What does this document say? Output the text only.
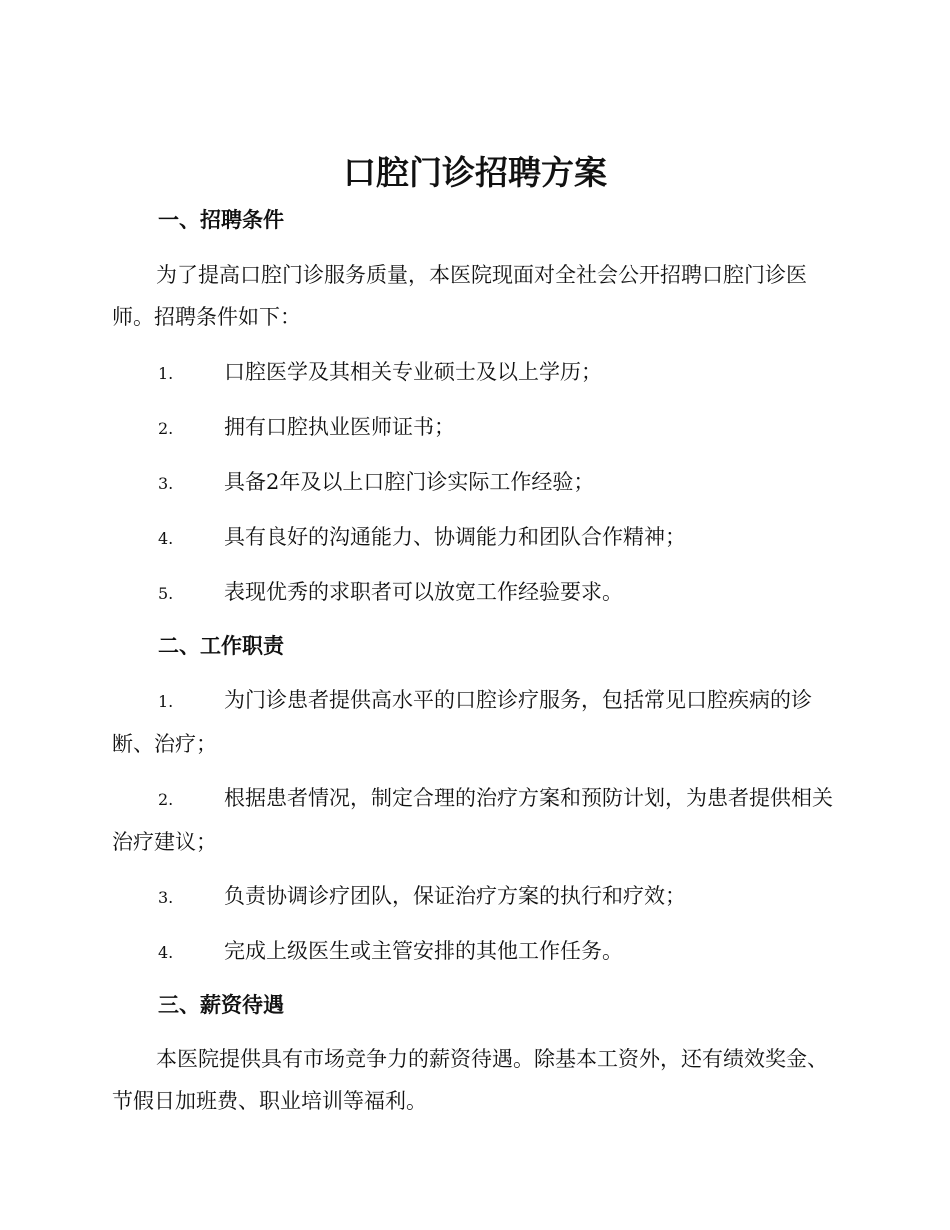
口腔门诊招聘方案
一、招聘条件

为了提高口腔门诊服务质量，本医院现面对全社会公开招聘口腔门诊医师。招聘条件如下：

1. 口腔医学及其相关专业硕士及以上学历；
2. 拥有口腔执业医师证书；
3. 具备2年及以上口腔门诊实际工作经验；
4. 具有良好的沟通能力、协调能力和团队合作精神；
5. 表现优秀的求职者可以放宽工作经验要求。
二、工作职责
1. 为门诊患者提供高水平的口腔诊疗服务，包括常见口腔疾病的诊断、治疗；
2. 根据患者情况，制定合理的治疗方案和预防计划，为患者提供相关治疗建议；
3. 负责协调诊疗团队，保证治疗方案的执行和疗效；
4. 完成上级医生或主管安排的其他工作任务。
三、薪资待遇

本医院提供具有市场竞争力的薪资待遇。除基本工资外，还有绩效奖金、节假日加班费、职业培训等福利。
